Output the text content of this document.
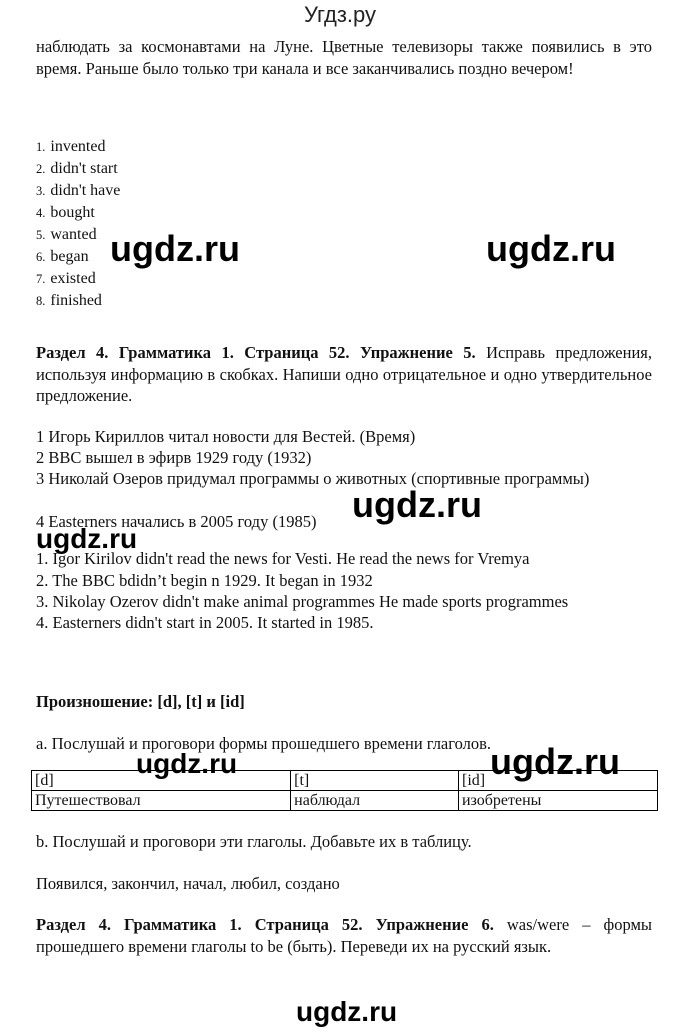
Угдз.ру
наблюдать за космонавтами на Луне. Цветные телевизоры также появились в это время. Раньше было только три канала и все заканчивались поздно вечером!
1. invented
2. didn't start
3. didn't have
4. bought
5. wanted
6. began
7. existed
8. finished
Раздел 4. Грамматика 1. Страница 52. Упражнение 5. Исправь предложения, используя информацию в скобках. Напиши одно отрицательное и одно утвердительное предложение.
1 Игорь Кириллов читал новости для Вестей. (Время)
2 BBC вышел в эфирв 1929 году (1932)
3 Николай Озеров придумал программы о животных (спортивные программы)
4 Easterners начались в 2005 году (1985)
1. Igor Kirilov didn't read the news for Vesti. He read the news for Vremya
2. The BBC bdidn’t begin n 1929. It began in 1932
3. Nikolay Ozerov didn't make animal programmes He made sports programmes
4. Easterners didn't start in 2005. It started in 1985.
Произношение: [d], [t] и [id]
a. Послушай и проговори формы прошедшего времени глаголов.
[d]	[t]	[id]
Путешествовал	наблюдал	изобретены
b. Послушай и проговори эти глаголы. Добавьте их в таблицу.
Появился, закончил, начал, любил, создано
Раздел 4. Грамматика 1. Страница 52. Упражнение 6. was/were – формы прошедшего времени глаголы to be (быть). Переведи их на русский язык.
ugdz.ru	ugdz.ru
ugdz.ru
ugdz.ru
ugdz.ru	ugdz.ru
ugdz.ru
